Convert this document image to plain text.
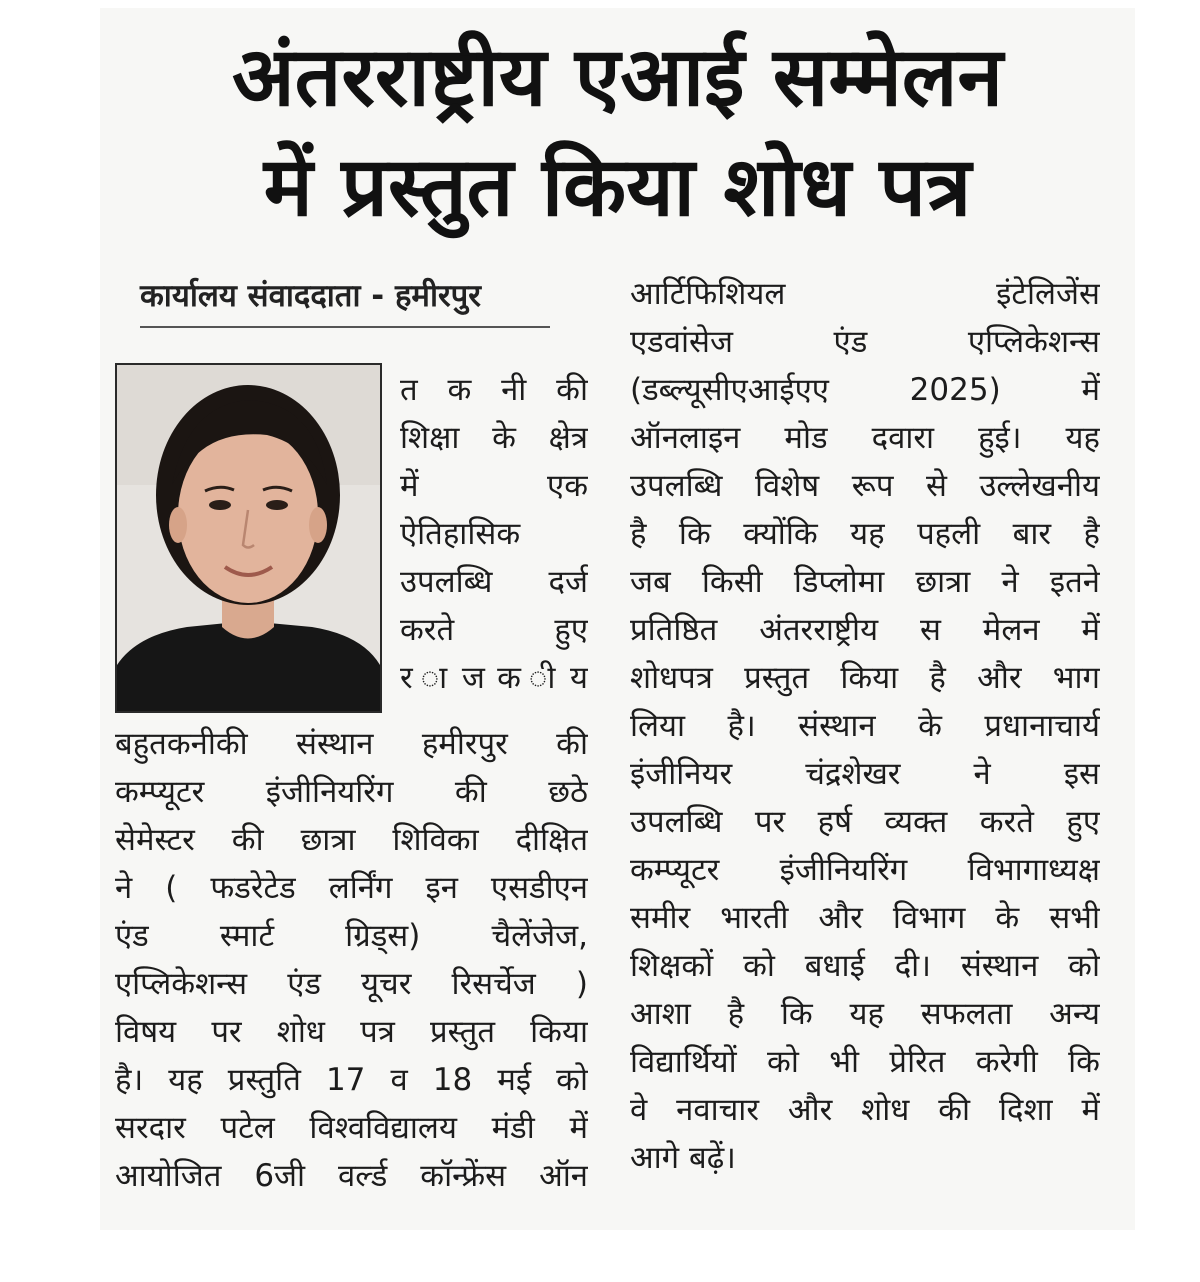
अंतरराष्ट्रीय एआई सम्मेलन
में प्रस्तुत किया शोध पत्र
कार्यालय संवाददाता - हमीरपुर
त क नी की
शिक्षा के क्षेत्र
में एक
ऐतिहासिक
उपलब्धि दर्ज
करते हुए
र ा ज क ी य
बहुतकनीकी संस्थान हमीरपुर की
कम्प्यूटर इंजीनियरिंग की छठे
सेमेस्टर की छात्रा शिविका दीक्षित
ने ( फडरेटेड लर्निंग इन एसडीएन
एंड स्मार्ट ग्रिड्स) चैलेंजेज,
एप्लिकेशन्स एंड यूचर रिसर्चेज )
विषय पर शोध पत्र प्रस्तुत किया
है। यह प्रस्तुति 17 व 18 मई को
सरदार पटेल विश्वविद्यालय मंडी में
आयोजित 6जी वर्ल्ड कॉन्फ्रेंस ऑन
आर्टिफिशियल इंटेलिजेंस
एडवांसेज एंड एप्लिकेशन्स
(डब्ल्यूसीएआईएए 2025) में
ऑनलाइन मोड दवारा हुई। यह
उपलब्धि विशेष रूप से उल्लेखनीय
है कि क्योंकि यह पहली बार है
जब किसी डिप्लोमा छात्रा ने इतने
प्रतिष्ठित अंतरराष्ट्रीय स मेलन में
शोधपत्र प्रस्तुत किया है और भाग
लिया है। संस्थान के प्रधानाचार्य
इंजीनियर चंद्रशेखर ने इस
उपलब्धि पर हर्ष व्यक्त करते हुए
कम्प्यूटर इंजीनियरिंग विभागाध्यक्ष
समीर भारती और विभाग के सभी
शिक्षकों को बधाई दी। संस्थान को
आशा है कि यह सफलता अन्य
विद्यार्थियों को भी प्रेरित करेगी कि
वे नवाचार और शोध की दिशा में
आगे बढ़ें।
